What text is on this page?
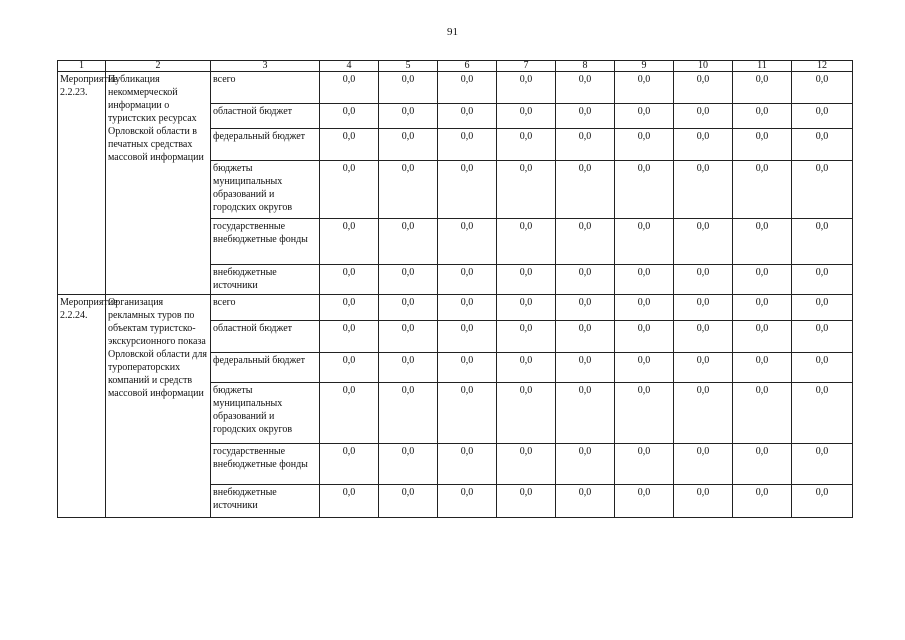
91
1	2	3	4	5	6	7	8	9	10	11	12
Мероприятие 2.2.23.	Публикация некоммерческой информации о туристских ресурсах Орловской области в печатных средствах массовой информации	всего	0,0	0,0	0,0	0,0	0,0	0,0	0,0	0,0	0,0
		областной бюджет	0,0	0,0	0,0	0,0	0,0	0,0	0,0	0,0	0,0
		федеральный бюджет	0,0	0,0	0,0	0,0	0,0	0,0	0,0	0,0	0,0
		бюджеты муниципальных образований и городских округов	0,0	0,0	0,0	0,0	0,0	0,0	0,0	0,0	0,0
		государственные внебюджетные фонды	0,0	0,0	0,0	0,0	0,0	0,0	0,0	0,0	0,0
		внебюджетные источники	0,0	0,0	0,0	0,0	0,0	0,0	0,0	0,0	0,0
Мероприятие 2.2.24.	Организация рекламных туров по объектам туристско-экскурсионного показа Орловской области для туроператорских компаний и средств массовой информации	всего	0,0	0,0	0,0	0,0	0,0	0,0	0,0	0,0	0,0
		областной бюджет	0,0	0,0	0,0	0,0	0,0	0,0	0,0	0,0	0,0
		федеральный бюджет	0,0	0,0	0,0	0,0	0,0	0,0	0,0	0,0	0,0
		бюджеты муниципальных образований и городских округов	0,0	0,0	0,0	0,0	0,0	0,0	0,0	0,0	0,0
		государственные внебюджетные фонды	0,0	0,0	0,0	0,0	0,0	0,0	0,0	0,0	0,0
		внебюджетные источники	0,0	0,0	0,0	0,0	0,0	0,0	0,0	0,0	0,0
